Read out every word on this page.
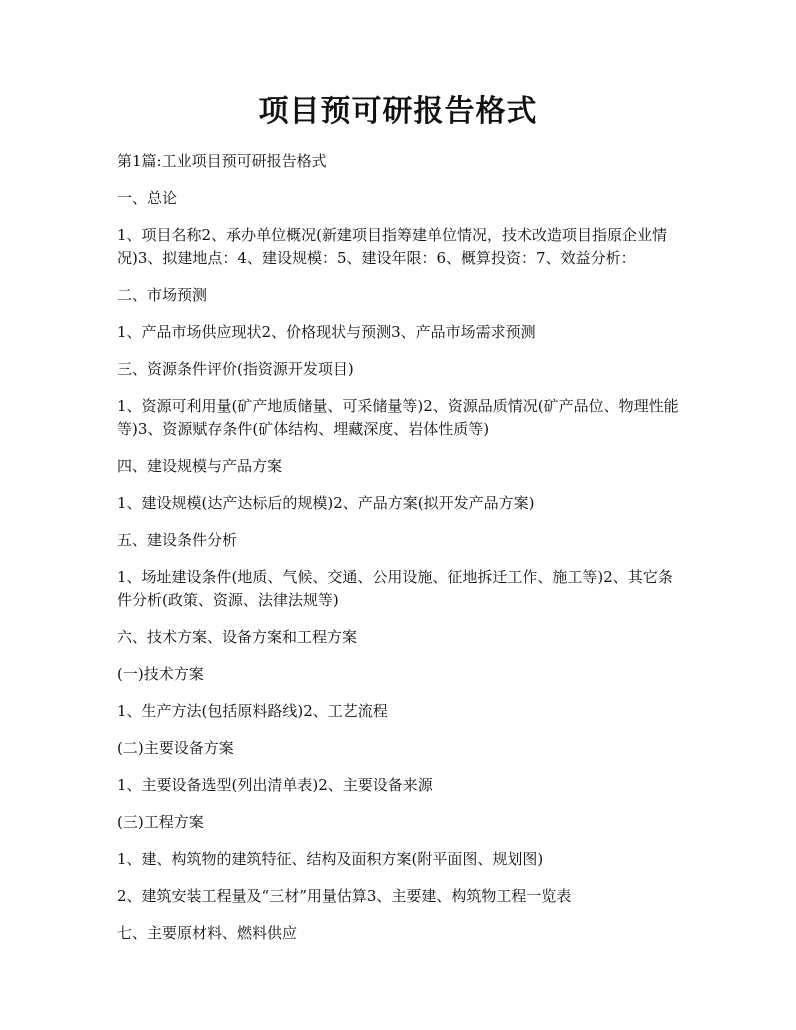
项目预可研报告格式

第1篇:工业项目预可研报告格式

一、总论

1、项目名称2、承办单位概况(新建项目指筹建单位情况，技术改造项目指原企业情况)3、拟建地点：4、建设规模：5、建设年限：6、概算投资：7、效益分析：

二、市场预测

1、产品市场供应现状2、价格现状与预测3、产品市场需求预测

三、资源条件评价(指资源开发项目)

1、资源可利用量(矿产地质储量、可采储量等)2、资源品质情况(矿产品位、物理性能等)3、资源赋存条件(矿体结构、埋藏深度、岩体性质等)

四、建设规模与产品方案

1、建设规模(达产达标后的规模)2、产品方案(拟开发产品方案)

五、建设条件分析

1、场址建设条件(地质、气候、交通、公用设施、征地拆迁工作、施工等)2、其它条件分析(政策、资源、法律法规等)

六、技术方案、设备方案和工程方案

(一)技术方案

1、生产方法(包括原料路线)2、工艺流程

(二)主要设备方案

1、主要设备选型(列出清单表)2、主要设备来源

(三)工程方案

1、建、构筑物的建筑特征、结构及面积方案(附平面图、规划图)

2、建筑安装工程量及“三材”用量估算3、主要建、构筑物工程一览表

七、主要原材料、燃料供应
